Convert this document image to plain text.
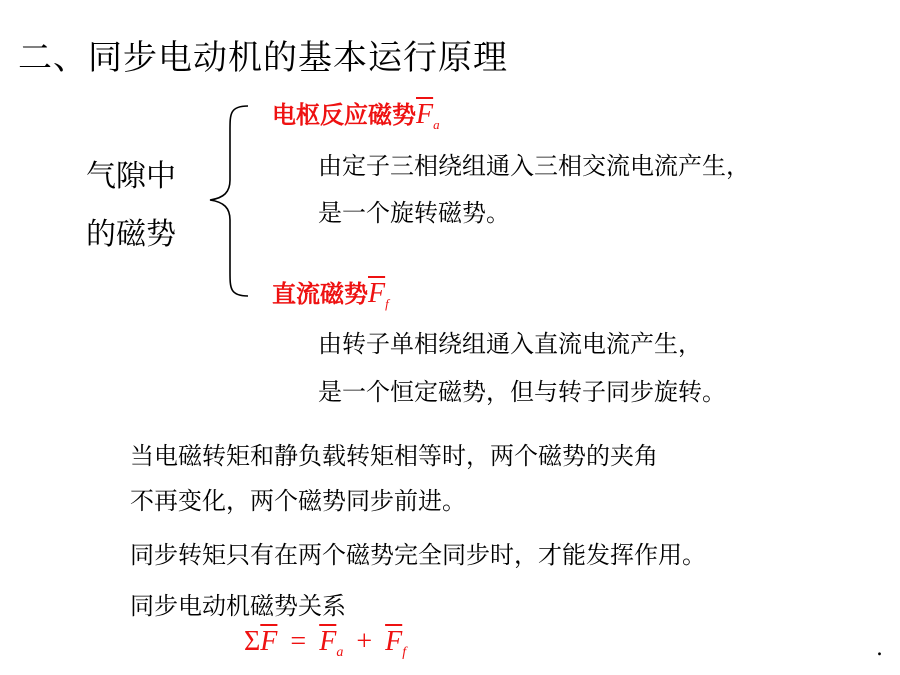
二、同步电动机的基本运行原理
气隙中
的磁势
电枢反应磁势$\overline{F}_a$
由定子三相绕组通入三相交流电流产生，
是一个旋转磁势。
直流磁势$\overline{F}_f$
由转子单相绕组通入直流电流产生，
是一个恒定磁势，但与转子同步旋转。
当电磁转矩和静负载转矩相等时，两个磁势的夹角
不再变化，两个磁势同步前进。
同步转矩只有在两个磁势完全同步时，才能发挥作用。
同步电动机磁势关系
$\Sigma\overline{F} = \overline{F}_a + \overline{F}_f$	.
